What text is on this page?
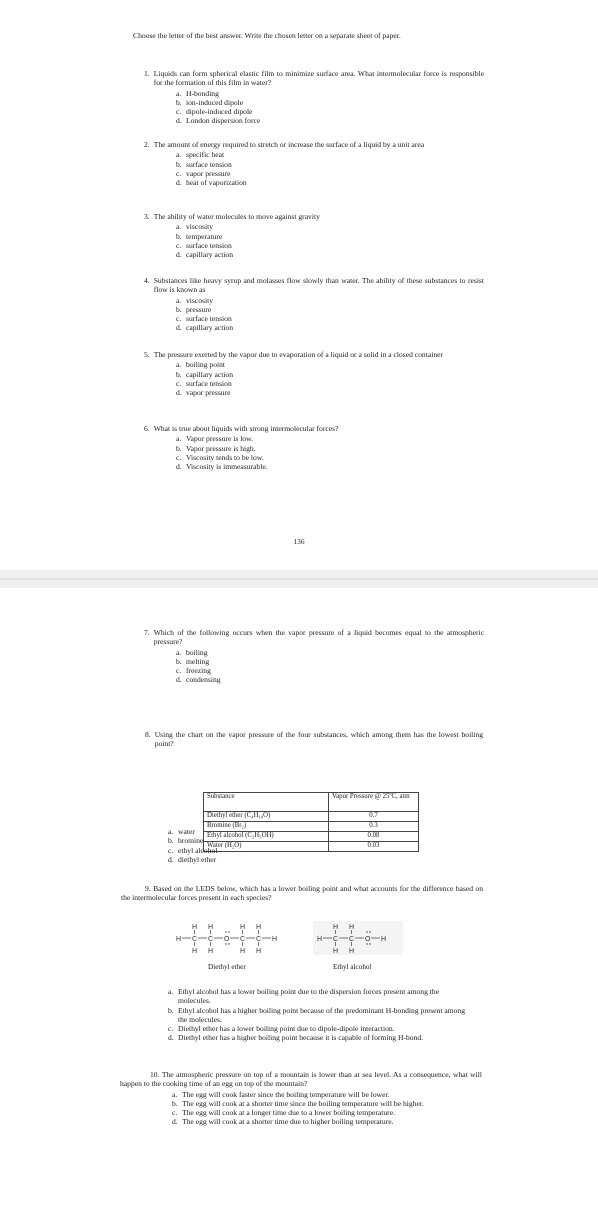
Choose the letter of the best answer. Write the chosen letter on a separate sheet of paper.
1. Liquids can form spherical elastic film to minimize surface area. What intermolecular force is responsible for the formation of this film in water?
a. H-bonding
b. ion-induced dipole
c. dipole-induced dipole
d. London dispersion force
2. The amount of energy required to stretch or increase the surface of a liquid by a unit area
a. specific heat
b. surface tension
c. vapor pressure
d. heat of vaporization
3. The ability of water molecules to move against gravity
a. viscosity
b. temperature
c. surface tension
d. capillary action
4. Substances like heavy syrup and molasses flow slowly than water. The ability of these substances to resist flow is known as
a. viscosity
b. pressure
c. surface tension
d. capillary action
5. The pressure exerted by the vapor due to evaporation of a liquid or a solid in a closed container
a. boiling point
b. capillary action
c. surface tension
d. vapor pressure
6. What is true about liquids with strong intermolecular forces?
a. Vapor pressure is low.
b. Vapor pressure is high.
c. Viscosity tends to be low.
d. Viscosity is immeasurable.
136
7. Which of the following occurs when the vapor pressure of a liquid becomes equal to the atmospheric pressure?
a. boiling
b. melting
c. freezing
d. condensing
8. Using the chart on the vapor pressure of the four substances, which among them has the lowest boiling point?
Substance	Vapor Pressure @ 25ºC, atm
Diethyl ether (C₄H₁₀O)	0.7
Bromine (Br₂)	0.3
Ethyl alcohol (C₂H₅OH)	0.08
Water (H₂O)	0.03
a. water
b. bromine
c. ethyl alcohol
d. diethyl ether
9. Based on the LEDS below, which has a lower boiling point and what accounts for the difference based on the intermolecular forces present in each species?
H C C O C C H
H H	H H
H H	H H
Diethyl ether
H C C O H
H H
H H
Ethyl alcohol
a. Ethyl alcohol has a lower boiling point due to the dispersion forces present among the molecules.
b. Ethyl alcohol has a higher boiling point because of the predominant H-bonding present among the molecules.
c. Diethyl ether has a lower boiling point due to dipole-dipole interaction.
d. Diethyl ether has a higher boiling point because it is capable of forming H-bond.
10. The atmospheric pressure on top of a mountain is lower than at sea level. As a consequence, what will happen to the cooking time of an egg on top of the mountain?
a. The egg will cook faster since the boiling temperature will be lower.
b. The egg will cook at a shorter time since the boiling temperature will be higher.
c. The egg will cook at a longer time due to a lower boiling temperature.
d. The egg will cook at a shorter time due to higher boiling temperature.
